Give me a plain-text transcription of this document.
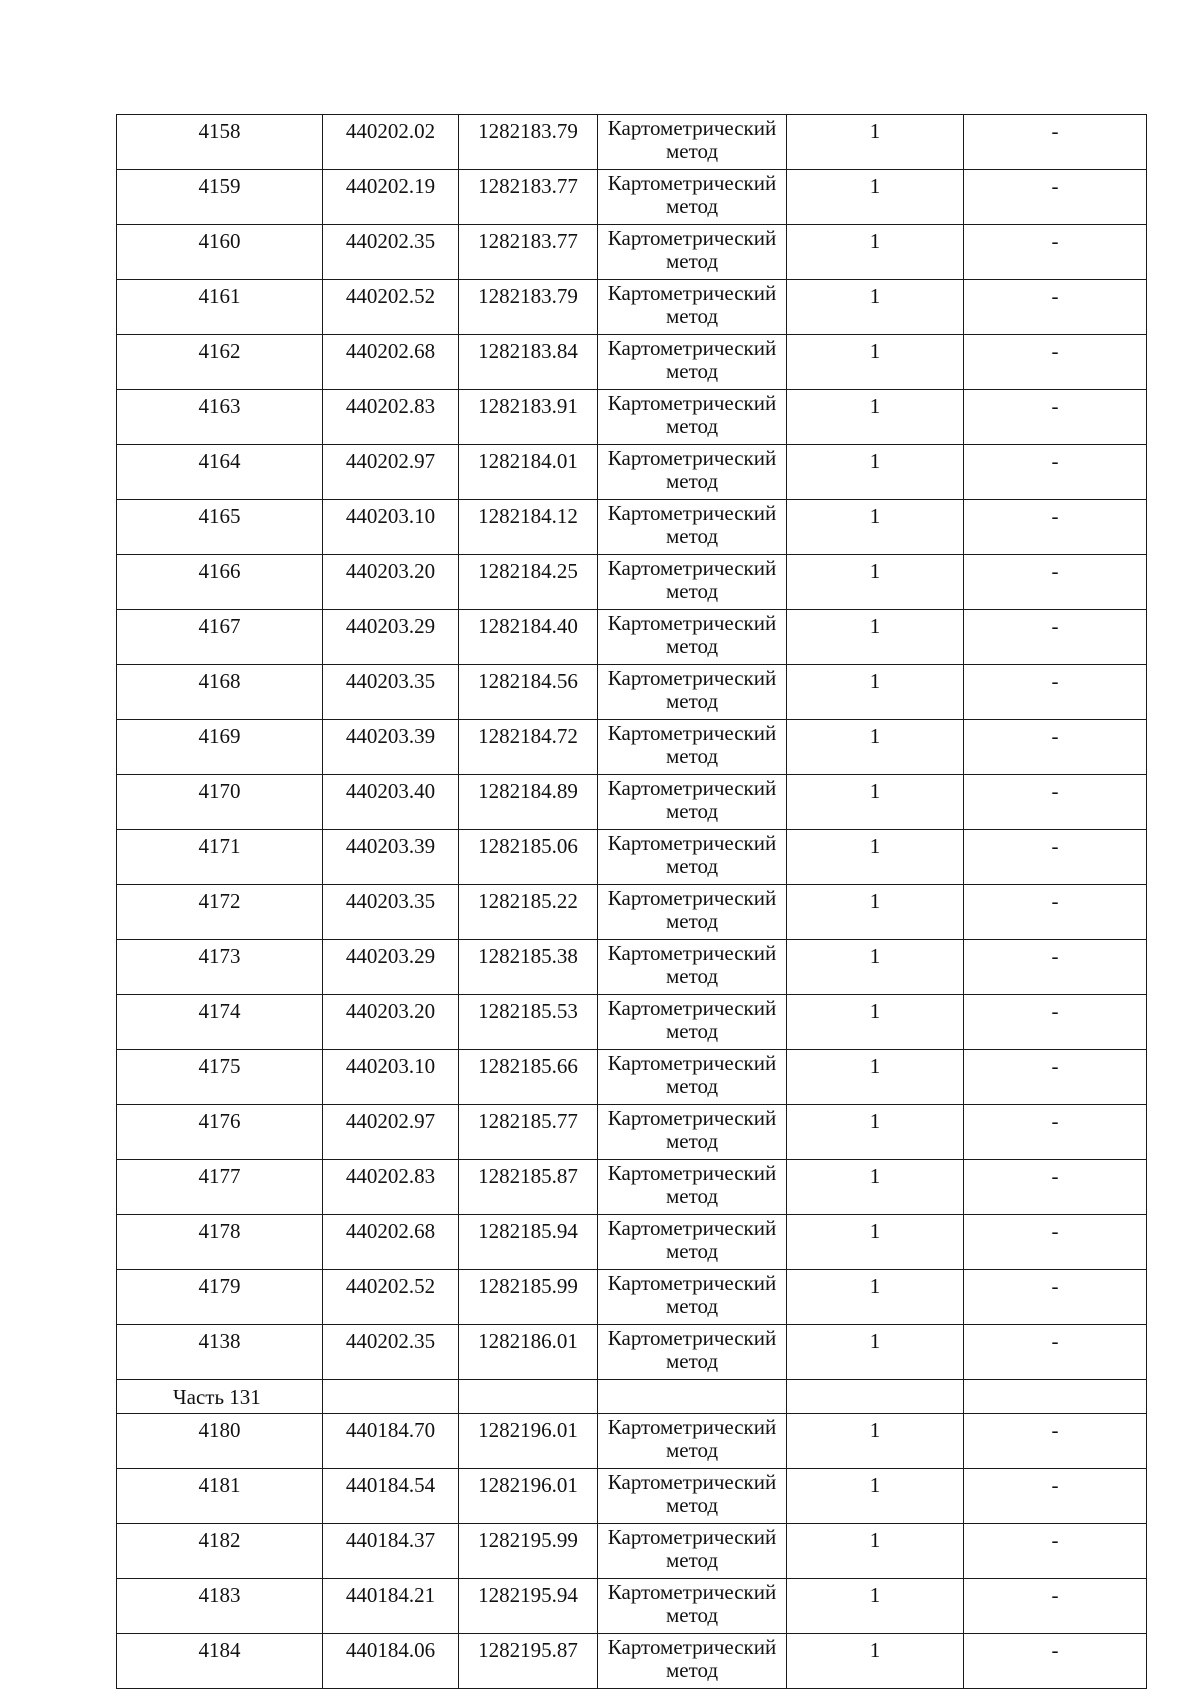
4158	440202.02	1282183.79	Картометрический метод	1	-
4159	440202.19	1282183.77	Картометрический метод	1	-
4160	440202.35	1282183.77	Картометрический метод	1	-
4161	440202.52	1282183.79	Картометрический метод	1	-
4162	440202.68	1282183.84	Картометрический метод	1	-
4163	440202.83	1282183.91	Картометрический метод	1	-
4164	440202.97	1282184.01	Картометрический метод	1	-
4165	440203.10	1282184.12	Картометрический метод	1	-
4166	440203.20	1282184.25	Картометрический метод	1	-
4167	440203.29	1282184.40	Картометрический метод	1	-
4168	440203.35	1282184.56	Картометрический метод	1	-
4169	440203.39	1282184.72	Картометрический метод	1	-
4170	440203.40	1282184.89	Картометрический метод	1	-
4171	440203.39	1282185.06	Картометрический метод	1	-
4172	440203.35	1282185.22	Картометрический метод	1	-
4173	440203.29	1282185.38	Картометрический метод	1	-
4174	440203.20	1282185.53	Картометрический метод	1	-
4175	440203.10	1282185.66	Картометрический метод	1	-
4176	440202.97	1282185.77	Картометрический метод	1	-
4177	440202.83	1282185.87	Картометрический метод	1	-
4178	440202.68	1282185.94	Картометрический метод	1	-
4179	440202.52	1282185.99	Картометрический метод	1	-
4138	440202.35	1282186.01	Картометрический метод	1	-
Часть 131					
4180	440184.70	1282196.01	Картометрический метод	1	-
4181	440184.54	1282196.01	Картометрический метод	1	-
4182	440184.37	1282195.99	Картометрический метод	1	-
4183	440184.21	1282195.94	Картометрический метод	1	-
4184	440184.06	1282195.87	Картометрический метод	1	-
